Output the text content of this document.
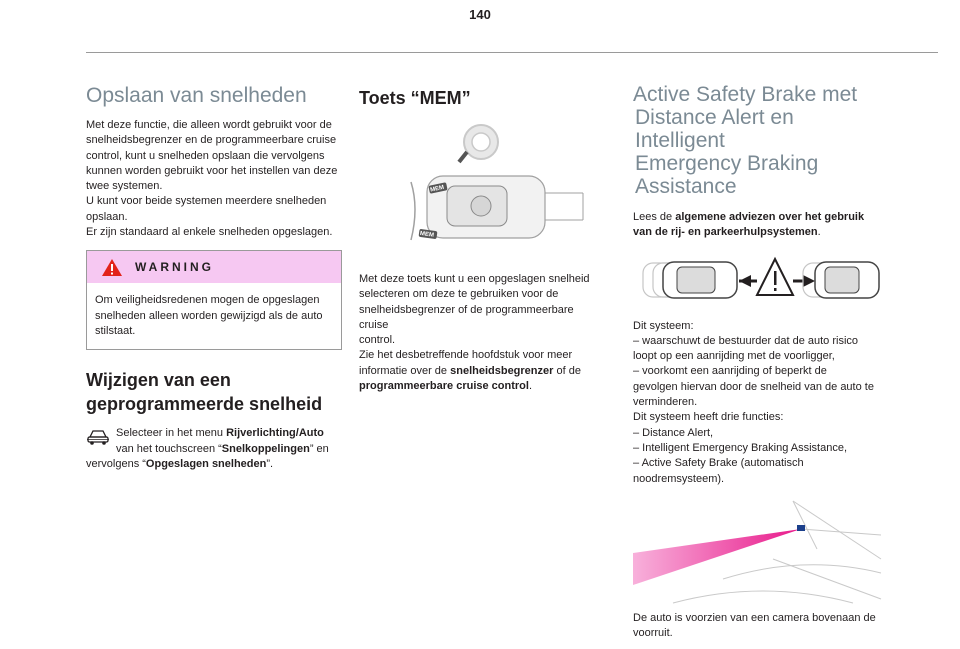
140
Opslaan van snelheden

Met deze functie, die alleen wordt gebruikt voor de
snelheidsbegrenzer en de programmeerbare cruise
control, kunt u snelheden opslaan die vervolgens
kunnen worden gebruikt voor het instellen van deze
twee systemen.
U kunt voor beide systemen meerdere snelheden
opslaan.
Er zijn standaard al enkele snelheden opgeslagen.

WARNING

Om veiligheidsredenen mogen de opgeslagen
snelheden alleen worden gewijzigd als de auto
stilstaat.

Wijzigen van een
geprogrammeerde snelheid

Selecteer in het menu Rijverlichting/Auto
van het touchscreen “Snelkoppelingen” en
vervolgens “Opgeslagen snelheden”.

Toets “MEM”
MEM
MEM

Met deze toets kunt u een opgeslagen snelheid
selecteren om deze te gebruiken voor de
snelheidsbegrenzer of de programmeerbare cruise
control.
Zie het desbetreffende hoofdstuk voor meer
informatie over de snelheidsbegrenzer of de
programmeerbare cruise control.

Active Safety Brake met
Distance Alert en Intelligent
Emergency Braking
Assistance

Lees de algemene adviezen over het gebruik
van de rij- en parkeerhulpsystemen.

Dit systeem:
– waarschuwt de bestuurder dat de auto risico
loopt op een aanrijding met de voorligger,
– voorkomt een aanrijding of beperkt de
gevolgen hiervan door de snelheid van de auto te
verminderen.
Dit systeem heeft drie functies:
– Distance Alert,
– Intelligent Emergency Braking Assistance,
– Active Safety Brake (automatisch
noodremsysteem).

De auto is voorzien van een camera bovenaan de
voorruit.
